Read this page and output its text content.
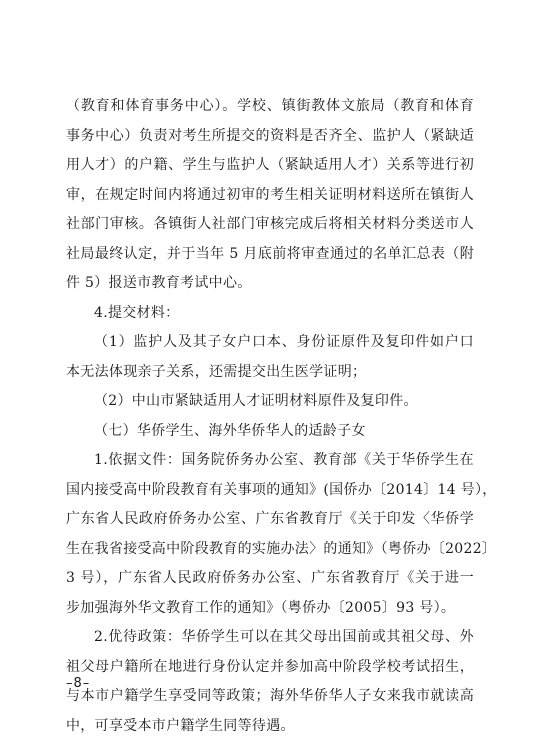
（教育和体育事务中心）。学校、镇街教体文旅局（教育和体育
事务中心）负责对考生所提交的资料是否齐全、监护人（紧缺适
用人才）的户籍、学生与监护人（紧缺适用人才）关系等进行初
审，在规定时间内将通过初审的考生相关证明材料送所在镇街人
社部门审核。各镇街人社部门审核完成后将相关材料分类送市人
社局最终认定，并于当年 5 月底前将审查通过的名单汇总表（附
件 5）报送市教育考试中心。
4.提交材料：
（1）监护人及其子女户口本、身份证原件及复印件如户口
本无法体现亲子关系，还需提交出生医学证明；
（2）中山市紧缺适用人才证明材料原件及复印件。
（七）华侨学生、海外华侨华人的适龄子女
1.依据文件：国务院侨务办公室、教育部《关于华侨学生在
国内接受高中阶段教育有关事项的通知》(国侨办〔2014〕14 号），
广东省人民政府侨务办公室、广东省教育厅《关于印发〈华侨学
生在我省接受高中阶段教育的实施办法〉的通知》（粤侨办〔2022〕
3 号），广东省人民政府侨务办公室、广东省教育厅《关于进一
步加强海外华文教育工作的通知》（粤侨办〔2005〕93 号）。
2.优待政策：华侨学生可以在其父母出国前或其祖父母、外
祖父母户籍所在地进行身份认定并参加高中阶段学校考试招生，
与本市户籍学生享受同等政策；海外华侨华人子女来我市就读高
中，可享受本市户籍学生同等待遇。
–8–
